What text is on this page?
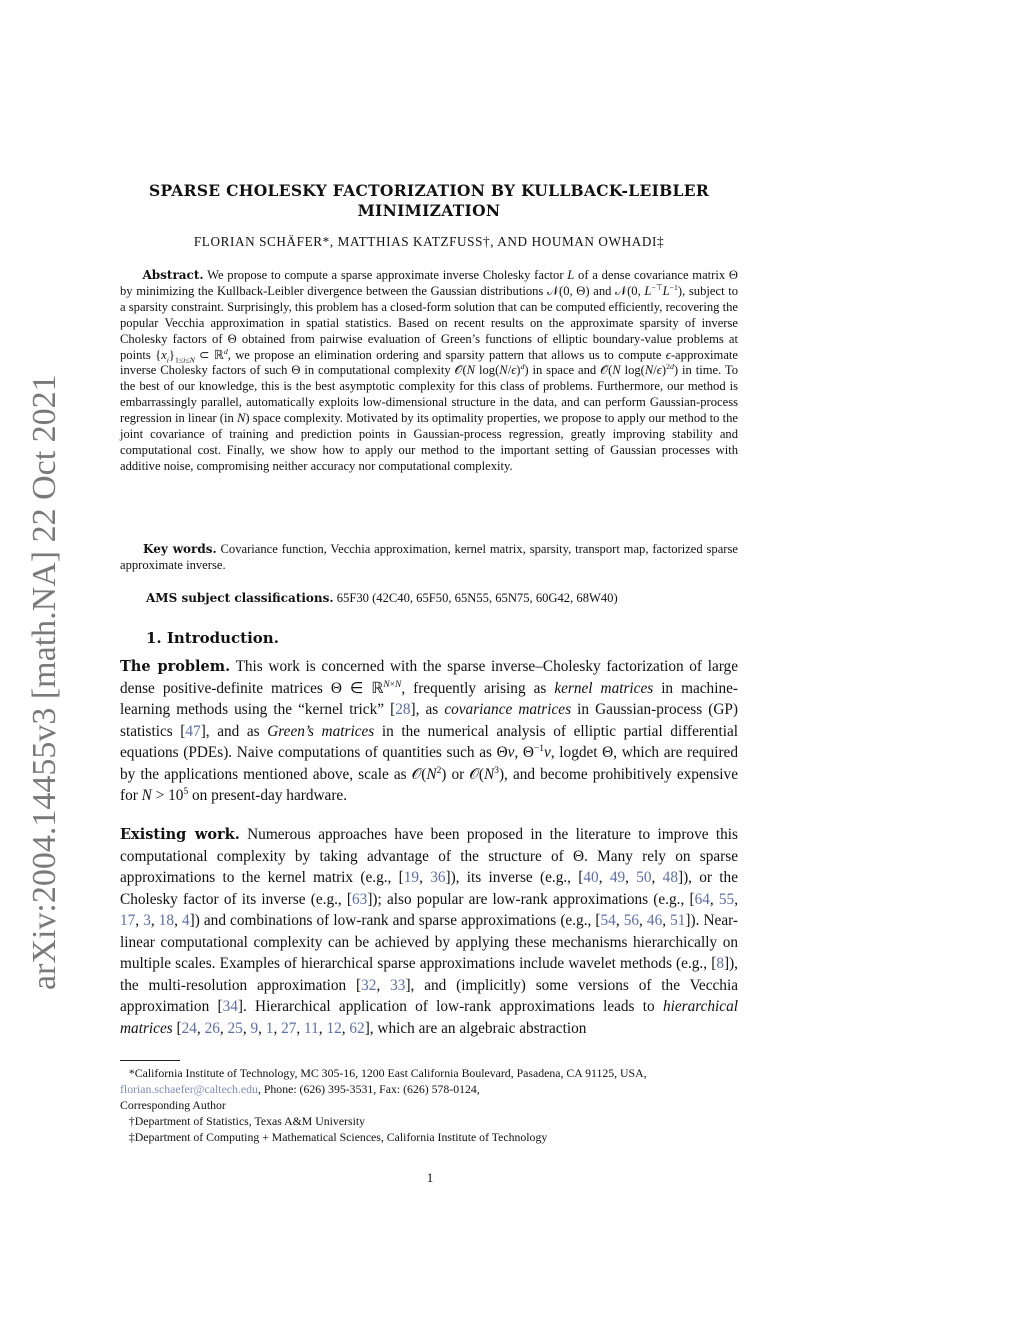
arXiv:2004.14455v3 [math.NA] 22 Oct 2021
SPARSE CHOLESKY FACTORIZATION BY KULLBACK-LEIBLER
MINIMIZATION
FLORIAN SCHÄFER*, MATTHIAS KATZFUSS†, AND HOUMAN OWHADI‡
Abstract. We propose to compute a sparse approximate inverse Cholesky factor L of a dense covariance matrix Θ by minimizing the Kullback-Leibler divergence between the Gaussian distributions 𝒩(0, Θ) and 𝒩(0, $L^{-⊤}L^{-1}$), subject to a sparsity constraint. Surprisingly, this problem has a closed-form solution that can be computed efficiently, recovering the popular Vecchia approximation in spatial statistics. Based on recent results on the approximate sparsity of inverse Cholesky factors of Θ obtained from pairwise evaluation of Green’s functions of elliptic boundary-value problems at points $\{x_i\}_{1\le i\le N}$ ⊂ ℝ$^d$, we propose an elimination ordering and sparsity pattern that allows us to compute ϵ-approximate inverse Cholesky factors of such Θ in computational complexity 𝒪(N $\log(N/\epsilon)^d$) in space and 𝒪(N $\log(N/\epsilon)^{2d}$) in time. To the best of our knowledge, this is the best asymptotic complexity for this class of problems. Furthermore, our method is embarrassingly parallel, automatically exploits low-dimensional structure in the data, and can perform Gaussian-process regression in linear (in N) space complexity. Motivated by its optimality properties, we propose to apply our method to the joint covariance of training and prediction points in Gaussian-process regression, greatly improving stability and computational cost. Finally, we show how to apply our method to the important setting of Gaussian processes with additive noise, compromising neither accuracy nor computational complexity.
Key words. Covariance function, Vecchia approximation, kernel matrix, sparsity, transport map, factorized sparse approximate inverse.
AMS subject classifications. 65F30 (42C40, 65F50, 65N55, 65N75, 60G42, 68W40)
1. Introduction.
The problem. This work is concerned with the sparse inverse–Cholesky factorization of large dense positive-definite matrices Θ ∈ ℝ$^{N\times N}$, frequently arising as kernel matrices in machine-learning methods using the “kernel trick” [28], as covariance matrices in Gaussian-process (GP) statistics [47], and as Green’s matrices in the numerical analysis of elliptic partial differential equations (PDEs). Naive computations of quantities such as Θv, $\Theta^{-1}v$, logdet Θ, which are required by the applications mentioned above, scale as $𝒪(N^2)$ or $𝒪(N^3)$, and become prohibitively expensive for $N > 10^5$ on present-day hardware.
Existing work. Numerous approaches have been proposed in the literature to improve this computational complexity by taking advantage of the structure of Θ. Many rely on sparse approximations to the kernel matrix (e.g., [19, 36]), its inverse (e.g., [40, 49, 50, 48]), or the Cholesky factor of its inverse (e.g., [63]); also popular are low-rank approximations (e.g., [64, 55, 17, 3, 18, 4]) and combinations of low-rank and sparse approximations (e.g., [54, 56, 46, 51]). Near-linear computational complexity can be achieved by applying these mechanisms hierarchically on multiple scales. Examples of hierarchical sparse approximations include wavelet methods (e.g., [8]), the multi-resolution approximation [32, 33], and (implicitly) some versions of the Vecchia approximation [34]. Hierarchical application of low-rank approximations leads to hierarchical matrices [24, 26, 25, 9, 1, 27, 11, 12, 62], which are an algebraic abstraction
*California Institute of Technology, MC 305-16, 1200 East California Boulevard, Pasadena, CA 91125, USA,
florian.schaefer@caltech.edu, Phone: (626) 395-3531, Fax: (626) 578-0124,
Corresponding Author
†Department of Statistics, Texas A&M University
‡Department of Computing + Mathematical Sciences, California Institute of Technology
1
